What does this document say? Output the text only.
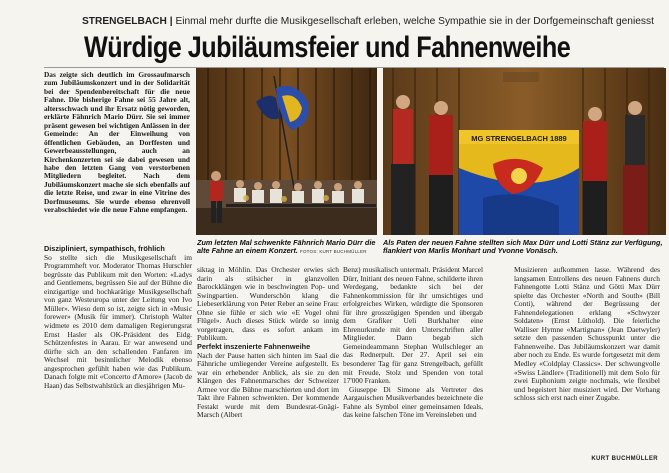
STRENGELBACH | Einmal mehr durfte die Musikgesellschaft erleben, welche Sympathie sie in der Dorfgemeinschaft geniesst
Würdige Jubiläumsfeier und Fahnenweihe

Das zeigte sich deutlich im Grossaufmarsch zum Jubiläumskonzert und in der Solidarität bei der Spendenbereitschaft für die neue Fahne. Die bisherige Fahne sei 55 Jahre alt, altersschwach und ihr Ersatz nötig geworden, erklärte Fähnrich Mario Dürr. Sie sei immer präsent gewesen bei wichtigen Anlässen in der Gemeinde: An der Einweihung von öffentlichen Gebäuden, an Dorffesten und Gewerbeausstellungen, auch an Kirchenkonzerten sei sie dabei gewesen und habe den letzten Gang von verstorbenen Mitgliedern begleitet. Nach dem Jubiläumskonzert mache sie sich ebenfalls auf die letzte Reise, und zwar in eine Vitrine des Dorfmuseums. Sie wurde ebenso ehrenvoll verabschiedet wie die neue Fahne empfangen.

MG STRENGELBACH 1889
Zum letzten Mal schwenkte Fähnrich Mario Dürr die alte Fahne an einem Konzert. FOTOS: KURT BUCHMÜLLER
Als Paten der neuen Fahne stellten sich Max Dürr und Lotti Stänz zur Verfügung, flankiert von Marlis Monhart und Yvonne Vonäsch.

Diszipliniert, sympathisch, fröhlich

So stellte sich die Musikgesellschaft im Programmheft vor. Moderator Thomas Hurschler begrüsste das Publikum mit den Worten: «Ladys and Gentlemens, begrüssen Sie auf der Bühne die einzigartige und hochkarätige Musikgesellschaft von ganz Westeuropa unter der Leitung von Ivo Müller». Wieso dem so ist, zeigte sich in «Music forewer» (Musik für immer). Christoph Walter widmete es 2010 dem damaligen Regierungsrat Ernst Hasler als OK-Präsident des Eidg. Schützenfestes in Aarau. Er war anwesend und dürfte sich an den schallenden Fanfaren im Wechsel mit besinnlicher Melodik ebenso angesprochen gefühlt haben wie das Publikum. Danach folgte mit «Concerto d'Amore» (Jacob de Haan) das Selbstwahlstück an diesjährigen Mu-

siktag in Möhlin. Das Orchester erwies sich darin als stilsicher in glanzvollen Barockklängen wie in beschwingten Pop- und Swingpartien. Wunderschön klang die Liebeserklärung von Peter Reber an seine Frau: Ohne sie fühle er sich wie «E Vogel ohni Flügel». Auch dieses Stück würde so innig vorgetragen, dass es sofort ankam im Publikum.

Perfekt inszenierte Fahnenweihe

Nach der Pause hatten sich hinten im Saal die Fähnriche umliegender Vereine aufgestellt. Es war ein erhebender Anblick, als sie zu den Klängen des Fahnenmarsches der Schweizer Armee vor die Bühne marschierten und dort im Takt ihre Fahnen schwenkten. Der kommende Festakt wurde mit dem Bundesrat-Gnägi-Marsch (Albert

Benz) musikalisch untermalt. Präsident Marcel Dürr, Initiant des neuen Fahne, schilderte ihren Werdegang, bedankte sich bei der Fahnenkommission für ihr umsichtiges und erfolgreiches Wirken, würdigte die Sponsoren für ihre grosszügigen Spenden und übergab dem Grafiker Ueli Burkhalter eine Ehrenurkunde mit den Unterschriften aller Mitglieder. Dann begab sich Gemeindeammann Stephan Wullschleger an das Rednerpult. Der 27. April sei ein besonderer Tag für ganz Strengelbach, gefüllt mit Freude, Stolz und Spenden von total 17'000 Franken.

Giuseppe Di Simone als Vertreter des Aargauischen Musikverbandes bezeichnete die Fahne als Symbol einer gemeinsamen Ideals, das keine falschen Töne im Vereinsleben und

Musizieren aufkommen lasse. Während des langsamen Entrollens des neuen Fahnens durch Fahnengotte Lotti Stänz und Götti Max Dürr spielte das Orchester «North and South» (Bill Conti), während der Begrüssung der Fahnendelegationen erklang «Schwyzer Soldaten» (Ernst Lüthold). Die feierliche Walliser Hymne «Martignan» (Jean Daetwyler) setzte den passenden Schusspunkt unter die Fahnenweihe. Das Jubiläumskonzert war damit aber noch zu Ende. Es wurde fortgesetzt mit dem Medley «Coldplay Classics». Der schwungvolle «Swiss Ländler» (Traditionell) mit dem Solo für zwei Euphonium zeigte nochmals, wie flexibel und begeistert hier musiziert wird. Der Vorhang schloss sich erst nach einer Zugabe.

KURT BUCHMÜLLER
